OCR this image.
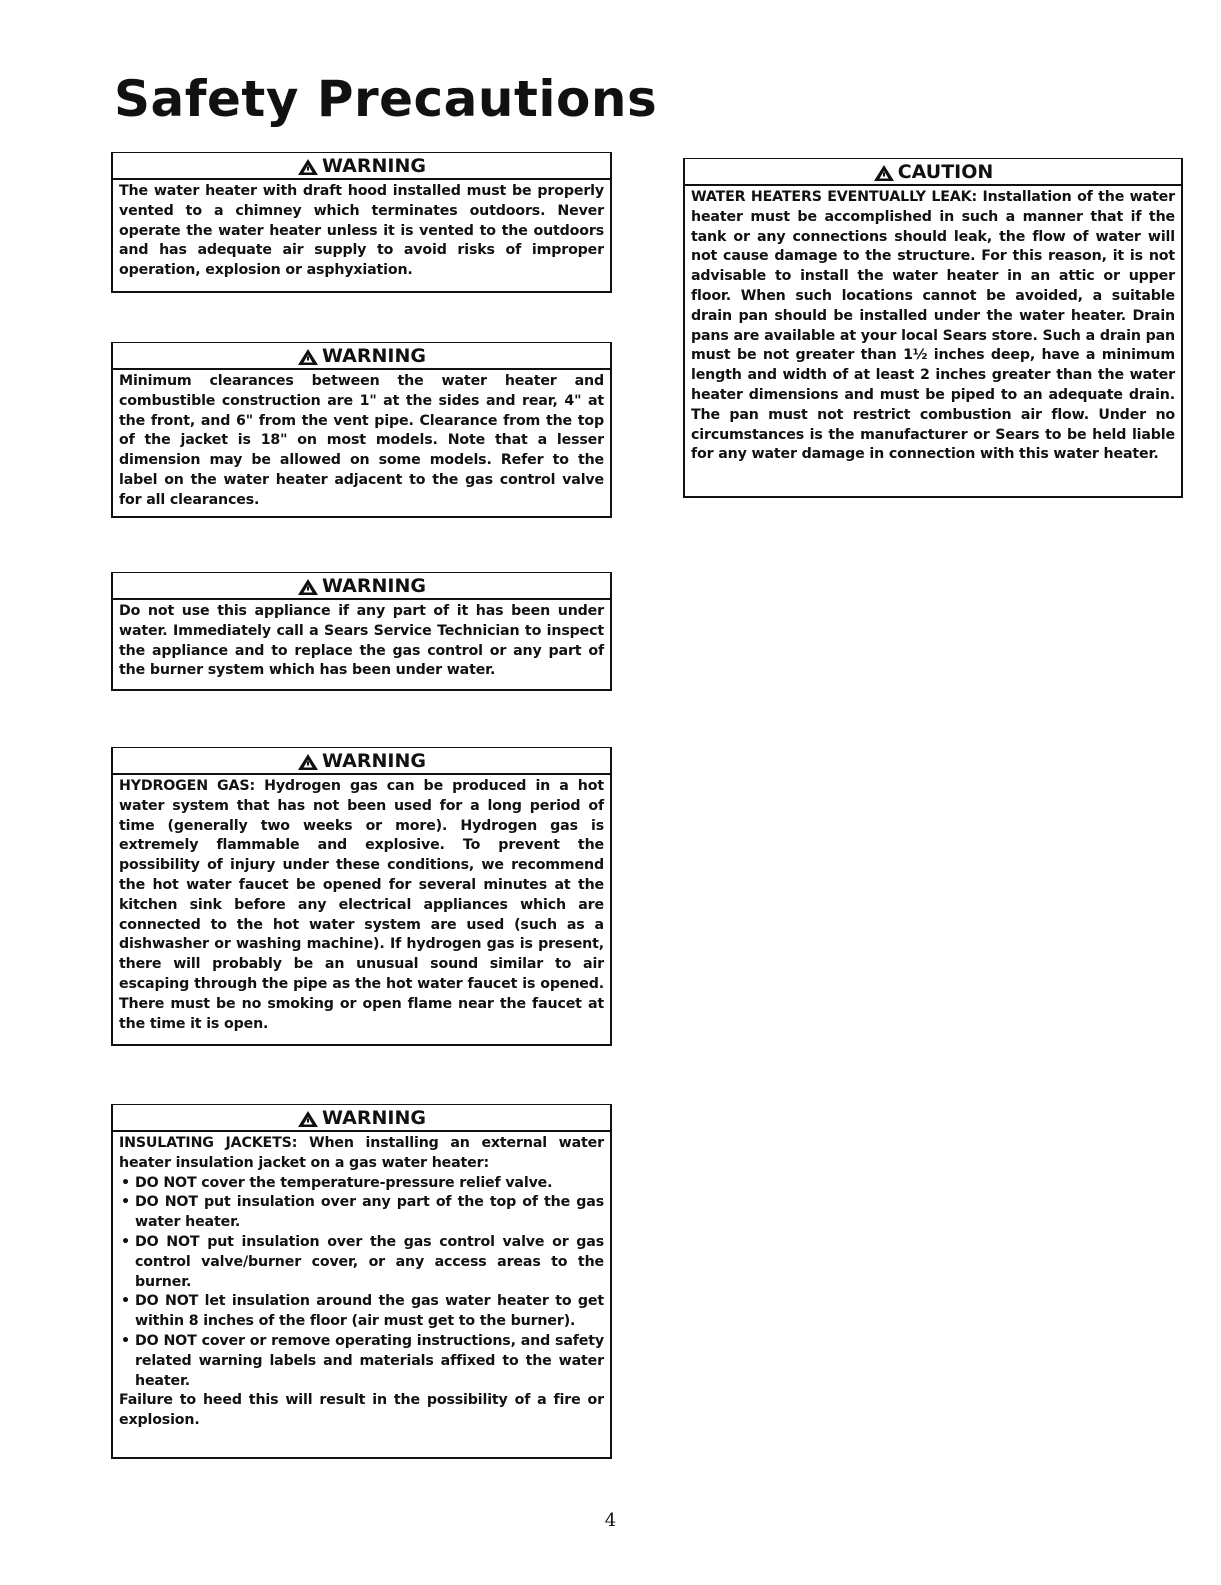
Safety Precautions
WARNING

The water heater with draft hood installed must be properly vented to a chimney which terminates outdoors. Never operate the water heater unless it is vented to the outdoors and has adequate air supply to avoid risks of improper operation, explosion or asphyxiation.

WARNING

Minimum clearances between the water heater and combustible construction are 1" at the sides and rear, 4" at the front, and 6" from the vent pipe. Clearance from the top of the jacket is 18" on most models. Note that a lesser dimension may be allowed on some models. Refer to the label on the water heater adjacent to the gas control valve for all clearances.

WARNING

Do not use this appliance if any part of it has been under water. Immediately call a Sears Service Technician to inspect the appliance and to replace the gas control or any part of the burner system which has been under water.

WARNING

HYDROGEN GAS: Hydrogen gas can be produced in a hot water system that has not been used for a long period of time (generally two weeks or more). Hydrogen gas is extremely flammable and explosive. To prevent the possibility of injury under these conditions, we recommend the hot water faucet be opened for several minutes at the kitchen sink before any electrical appliances which are connected to the hot water system are used (such as a dishwasher or washing machine). If hydrogen gas is present, there will probably be an unusual sound similar to air escaping through the pipe as the hot water faucet is opened. There must be no smoking or open flame near the faucet at the time it is open.

WARNING

INSULATING JACKETS: When installing an external water heater insulation jacket on a gas water heater:

• DO NOT cover the temperature-pressure relief valve.
• DO NOT put insulation over any part of the top of the gas water heater.
• DO NOT put insulation over the gas control valve or gas control valve/burner cover, or any access areas to the burner.
• DO NOT let insulation around the gas water heater to get within 8 inches of the floor (air must get to the burner).
• DO NOT cover or remove operating instructions, and safety related warning labels and materials affixed to the water heater.

Failure to heed this will result in the possibility of a fire or explosion.

CAUTION

WATER HEATERS EVENTUALLY LEAK: Installation of the water heater must be accomplished in such a manner that if the tank or any connections should leak, the flow of water will not cause damage to the structure. For this reason, it is not advisable to install the water heater in an attic or upper floor. When such locations cannot be avoided, a suitable drain pan should be installed under the water heater. Drain pans are available at your local Sears store. Such a drain pan must be not greater than 1½ inches deep, have a minimum length and width of at least 2 inches greater than the water heater dimensions and must be piped to an adequate drain. The pan must not restrict combustion air flow. Under no circumstances is the manufacturer or Sears to be held liable for any water damage in connection with this water heater.

4
